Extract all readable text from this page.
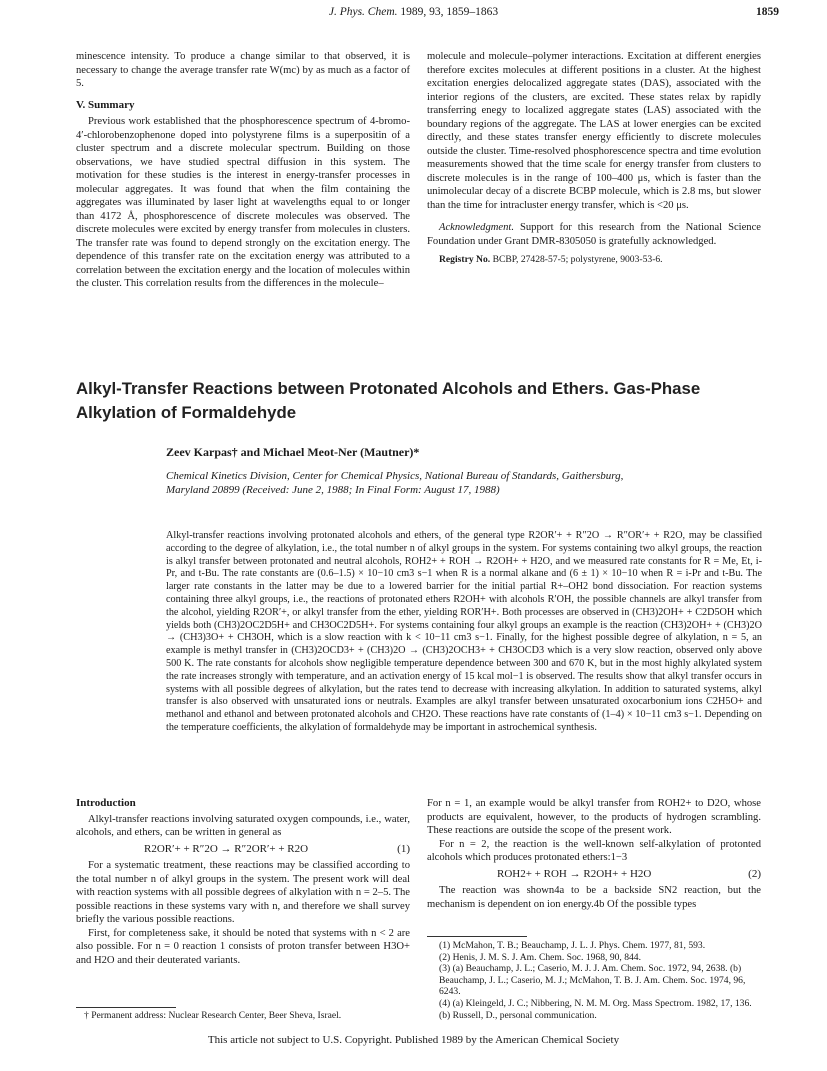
J. Phys. Chem. 1989, 93, 1859–1863	1859

minescence intensity. To produce a change similar to that observed, it is necessary to change the average transfer rate W(mc) by as much as a factor of 5.

V. Summary

Previous work established that the phosphorescence spectrum of 4-bromo-4′-chlorobenzophenone doped into polystyrene films is a superpositin of a cluster spectrum and a discrete molecular spectrum. Building on those observations, we have studied spectral diffusion in this system. The motivation for these studies is the interest in energy-transfer processes in molecular aggregates. It was found that when the film containing the aggregates was illuminated by laser light at wavelengths equal to or longer than 4172 Å, phosphorescence of discrete molecules was observed. The discrete molecules were excited by energy transfer from molecules in clusters. The transfer rate was found to depend strongly on the excitation energy. The dependence of this transfer rate on the excitation energy was attributed to a correlation between the excitation energy and the location of molecules within the cluster. This correlation results from the differences in the molecule–

molecule and molecule–polymer interactions. Excitation at different energies therefore excites molecules at different positions in a cluster. At the highest excitation energies delocalized aggregate states (DAS), associated with the interior regions of the clusters, are excited. These states relax by rapidly transferring enegy to localized aggregate states (LAS) associated with the boundary regions of the aggregate. The LAS at lower energies can be excited directly, and these states transfer energy efficiently to discrete molecules outside the cluster. Time-resolved phosphorescence spectra and time evolution measurements showed that the time scale for energy transfer from clusters to discrete molecules is in the range of 100–400 μs, which is faster than the unimolecular decay of a discrete BCBP molecule, which is 2.8 ms, but slower than the time for intracluster energy transfer, which is <20 μs.

Acknowledgment. Support for this research from the National Science Foundation under Grant DMR-8305050 is gratefully acknowledged.

Registry No. BCBP, 27428-57-5; polystyrene, 9003-53-6.

Alkyl-Transfer Reactions between Protonated Alcohols and Ethers. Gas-Phase
Alkylation of Formaldehyde
Zeev Karpas† and Michael Meot-Ner (Mautner)*
Chemical Kinetics Division, Center for Chemical Physics, National Bureau of Standards, Gaithersburg,
Maryland 20899 (Received: June 2, 1988; In Final Form: August 17, 1988)
Alkyl-transfer reactions involving protonated alcohols and ethers, of the general type R2OR′+ + R″2O → R″OR′+ + R2O, may be classified according to the degree of alkylation, i.e., the total number n of alkyl groups in the system. For systems containing two alkyl groups, the reaction is alkyl transfer between protonated and neutral alcohols, ROH2+ + ROH → R2OH+ + H2O, and we measured rate constants for R = Me, Et, i-Pr, and t-Bu. The rate constants are (0.6–1.5) × 10−10 cm3 s−1 when R is a normal alkane and (6 ± 1) × 10−10 when R = i-Pr and t-Bu. The larger rate constants in the latter may be due to a lowered barrier for the initial partial R+–OH2 bond dissociation. For reaction systems containing three alkyl groups, i.e., the reactions of protonated ethers R2OH+ with alcohols R′OH, the possible channels are alkyl transfer from the alcohol, yielding R2OR′+, or alkyl transfer from the ether, yielding ROR′H+. Both processes are observed in (CH3)2OH+ + C2D5OH which yields both (CH3)2OC2D5H+ and CH3OC2D5H+. For systems containing four alkyl groups an example is the reaction (CH3)2OH+ + (CH3)2O → (CH3)3O+ + CH3OH, which is a slow reaction with k < 10−11 cm3 s−1. Finally, for the highest possible degree of alkylation, n = 5, an example is methyl transfer in (CH3)2OCD3+ + (CH3)2O → (CH3)2OCH3+ + CH3OCD3 which is a very slow reaction, observed only above 500 K. The rate constants for alcohols show negligible temperature dependence between 300 and 670 K, but in the most highly alkylated system the rate increases strongly with temperature, and an activation energy of 15 kcal mol−1 is observed. The results show that alkyl transfer occurs in systems with all possible degrees of alkylation, but the rates tend to decrease with increasing alkylation. In addition to saturated systems, alkyl transfer is also observed with unsaturated ions or neutrals. Examples are alkyl transfer between unsaturated oxocarbonium ions C2H5O+ and methanol and ethanol and between protonated alcohols and CH2O. These reactions have rate constants of (1–4) × 10−11 cm3 s−1. Depending on the temperature coefficients, the alkylation of formaldehyde may be important in astrochemical synthesis.
Introduction

Alkyl-transfer reactions involving saturated oxygen compounds, i.e., water, alcohols, and ethers, can be written in general as

R2OR′+ + R″2O → R″2OR′+ + R2O	(1)

For a systematic treatment, these reactions may be classified according to the total number n of alkyl groups in the system. The present work will deal with reaction systems with all possible degrees of alkylation with n = 2–5. The possible reactions in these systems vary with n, and therefore we shall survey briefly the various possible reactions.

First, for completeness sake, it should be noted that systems with n < 2 are also possible. For n = 0 reaction 1 consists of proton transfer between H3O+ and H2O and their deuterated variants.

† Permanent address: Nuclear Research Center, Beer Sheva, Israel.

For n = 1, an example would be alkyl transfer from ROH2+ to D2O, whose products are equivalent, however, to the products of hydrogen scrambling. These reactions are outside the scope of the present work.

For n = 2, the reaction is the well-known self-alkylation of protonted alcohols which produces protonated ethers:1−3

ROH2+ + ROH → R2OH+ + H2O	(2)

The reaction was shown4a to be a backside SN2 reaction, but the mechanism is dependent on ion energy.4b Of the possible types

(1) McMahon, T. B.; Beauchamp, J. L. J. Phys. Chem. 1977, 81, 593.
(2) Henis, J. M. S. J. Am. Chem. Soc. 1968, 90, 844.
(3) (a) Beauchamp, J. L.; Caserio, M. J. J. Am. Chem. Soc. 1972, 94, 2638. (b) Beauchamp, J. L.; Caserio, M. J.; McMahon, T. B. J. Am. Chem. Soc. 1974, 96, 6243.
(4) (a) Kleingeld, J. C.; Nibbering, N. M. M. Org. Mass Spectrom. 1982, 17, 136. (b) Russell, D., personal communication.
This article not subject to U.S. Copyright. Published 1989 by the American Chemical Society
